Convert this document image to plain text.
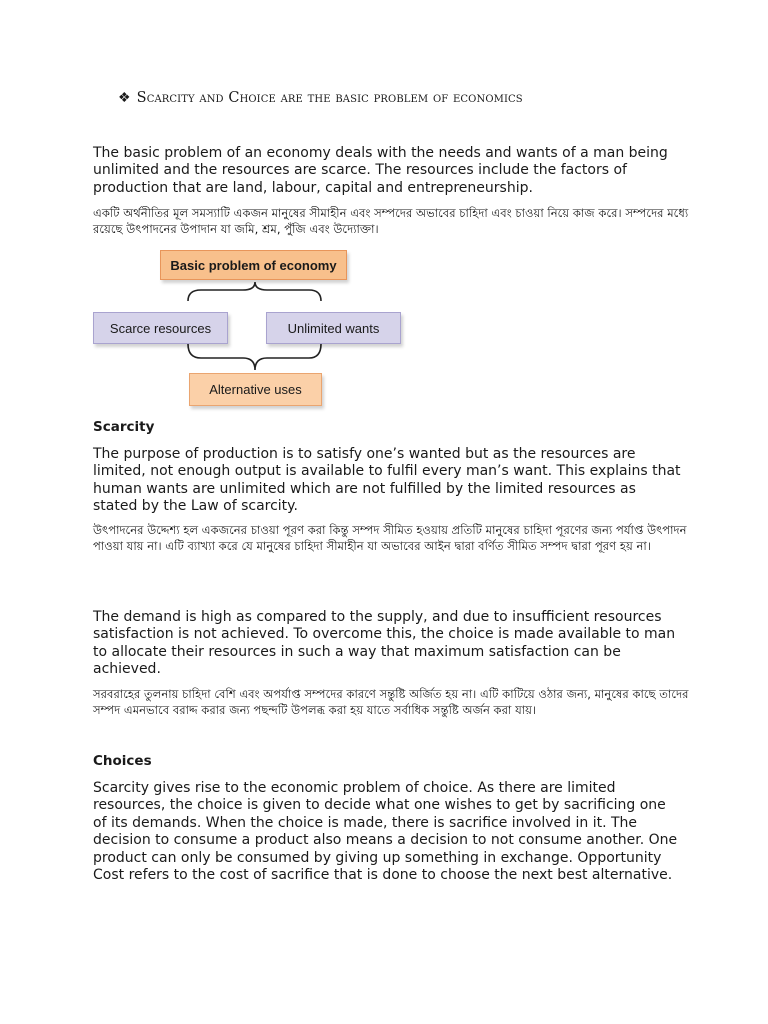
❖ Scarcity and Choice are the basic problem of economics
The basic problem of an economy deals with the needs and wants of a man being unlimited and the resources are scarce. The resources include the factors of production that are land, labour, capital and entrepreneurship.
একটি অর্থনীতির মূল সমস্যাটি একজন মানুষের সীমাহীন এবং সম্পদের অভাবের চাহিদা এবং চাওয়া নিয়ে কাজ করে। সম্পদের মধ্যে রয়েছে উৎপাদনের উপাদান যা জমি, শ্রম, পুঁজি এবং উদ্যোক্তা।
Basic problem of economy
Scarce resources	Unlimited wants
Alternative uses
Scarcity
The purpose of production is to satisfy one’s wanted but as the resources are limited, not enough output is available to fulfil every man’s want. This explains that human wants are unlimited which are not fulfilled by the limited resources as stated by the Law of scarcity.
উৎপাদনের উদ্দেশ্য হল একজনের চাওয়া পূরণ করা কিন্তু সম্পদ সীমিত হওয়ায় প্রতিটি মানুষের চাহিদা পূরণের জন্য পর্যাপ্ত উৎপাদন পাওয়া যায় না। এটি ব্যাখ্যা করে যে মানুষের চাহিদা সীমাহীন যা অভাবের আইন দ্বারা বর্ণিত সীমিত সম্পদ দ্বারা পূরণ হয় না।
The demand is high as compared to the supply, and due to insufficient resources satisfaction is not achieved. To overcome this, the choice is made available to man to allocate their resources in such a way that maximum satisfaction can be achieved.
সরবরাহের তুলনায় চাহিদা বেশি এবং অপর্যাপ্ত সম্পদের কারণে সন্তুষ্টি অর্জিত হয় না। এটি কাটিয়ে ওঠার জন্য, মানুষের কাছে তাদের সম্পদ এমনভাবে বরাদ্দ করার জন্য পছন্দটি উপলব্ধ করা হয় যাতে সর্বাধিক সন্তুষ্টি অর্জন করা যায়।
Choices
Scarcity gives rise to the economic problem of choice. As there are limited resources, the choice is given to decide what one wishes to get by sacrificing one of its demands. When the choice is made, there is sacrifice involved in it. The decision to consume a product also means a decision to not consume another. One product can only be consumed by giving up something in exchange. Opportunity Cost refers to the cost of sacrifice that is done to choose the next best alternative.
